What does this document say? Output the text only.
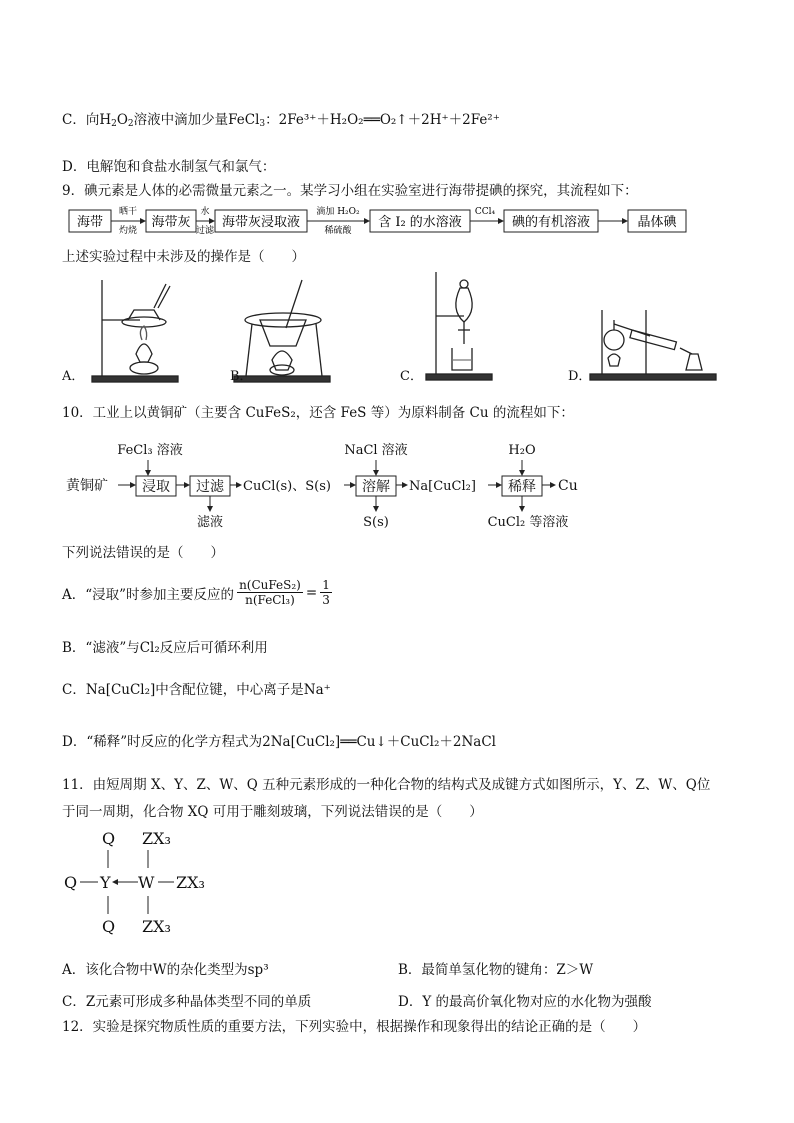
C．向$H_2O_2$溶液中滴加少量FeCl$_3$：2Fe³⁺＋H₂O₂══O₂↑＋2H⁺＋2Fe²⁺
D．电解饱和食盐水制氢气和氯气：
9．碘元素是人体的必需微量元素之一。某学习小组在实验室进行海带提碘的探究，其流程如下：
海带
晒干
灼烧
海带灰
水
过滤
海带灰浸取液
滴加 H₂O₂
稀硫酸
含 I₂ 的水溶液
CCl₄
碘的有机溶液	晶体碘
上述实验过程中未涉及的操作是（　　）
A．	B．	C．	D．
10．工业上以黄铜矿（主要含 CuFeS₂，还含 FeS 等）为原料制备 Cu 的流程如下：
黄铜矿
FeCl₃ 溶液
浸取 过滤
滤液
CuCl(s)、S(s)
NaCl 溶液
溶解
S(s)
Na[CuCl₂]
H₂O
稀释
CuCl₂ 等溶液
Cu
下列说法错误的是（　　）
A．“浸取”时参加主要反应的
n(CuFeS₂)
n(FeCl₃) = $\frac{1}{3}$
B．“滤液”与Cl₂反应后可循环利用
C．Na[CuCl₂]中含配位键，中心离子是Na⁺
D．“稀释”时反应的化学方程式为2Na[CuCl₂]══Cu↓＋CuCl₂＋2NaCl
11．由短周期 X、Y、Z、W、Q 五种元素形成的一种化合物的结构式及成键方式如图所示，Y、Z、W、Q位
于同一周期，化合物 XQ 可用于雕刻玻璃，下列说法错误的是（　　）
Q ZX₃
Q Y W ZX₃
Q ZX₃
A．该化合物中W的杂化类型为sp³	B．最简单氢化物的键角：Z＞W
C．Z元素可形成多种晶体类型不同的单质	D．Y 的最高价氧化物对应的水化物为强酸
12．实验是探究物质性质的重要方法，下列实验中，根据操作和现象得出的结论正确的是（　　）
